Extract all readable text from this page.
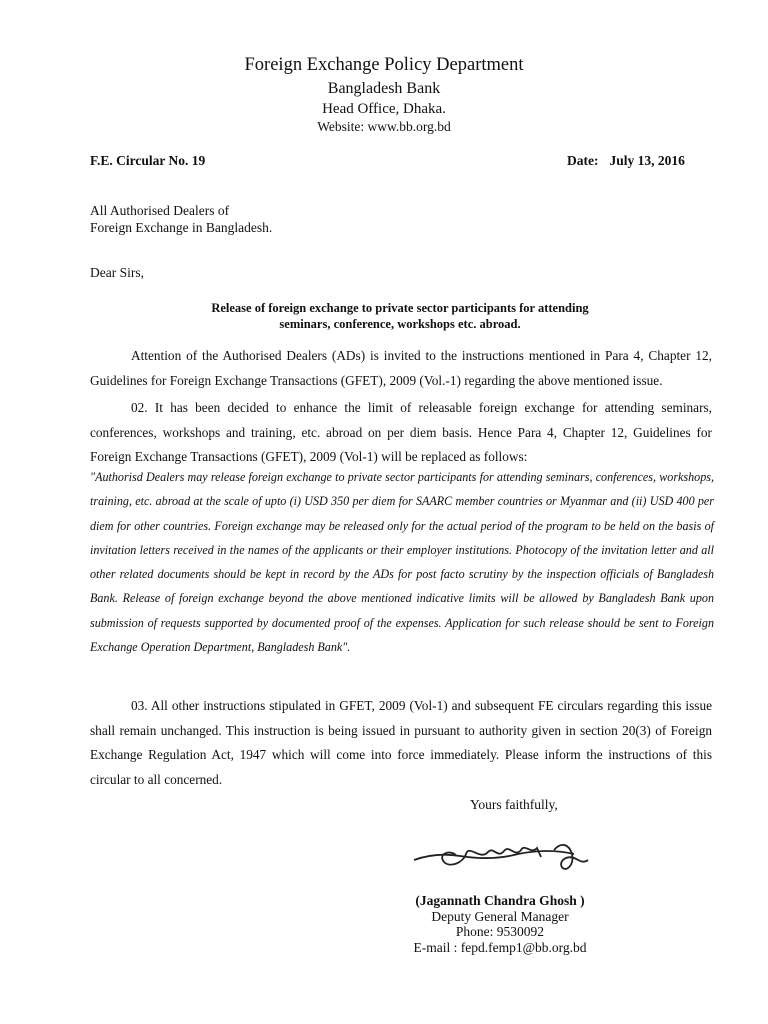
Foreign Exchange Policy Department
Bangladesh Bank
Head Office, Dhaka.
Website: www.bb.org.bd
F.E. Circular No. 19	Date: July 13, 2016
All Authorised Dealers of
Foreign Exchange in Bangladesh.
Dear Sirs,
Release of foreign exchange to private sector participants for attending
seminars, conference, workshops etc. abroad.

Attention of the Authorised Dealers (ADs) is invited to the instructions mentioned in Para 4, Chapter 12, Guidelines for Foreign Exchange Transactions (GFET), 2009 (Vol.-1) regarding the above mentioned issue.

02. It has been decided to enhance the limit of releasable foreign exchange for attending seminars, conferences, workshops and training, etc. abroad on per diem basis. Hence Para 4, Chapter 12, Guidelines for Foreign Exchange Transactions (GFET), 2009 (Vol-1) will be replaced as follows:

"Authorisd Dealers may release foreign exchange to private sector participants for attending seminars, conferences, workshops, training, etc. abroad at the scale of upto (i) USD 350 per diem for SAARC member countries or Myanmar and (ii) USD 400 per diem for other countries. Foreign exchange may be released only for the actual period of the program to be held on the basis of invitation letters received in the names of the applicants or their employer institutions. Photocopy of the invitation letter and all other related documents should be kept in record by the ADs for post facto scrutiny by the inspection officials of Bangladesh Bank. Release of foreign exchange beyond the above mentioned indicative limits will be allowed by Bangladesh Bank upon submission of requests supported by documented proof of the expenses. Application for such release should be sent to Foreign Exchange Operation Department, Bangladesh Bank".

03. All other instructions stipulated in GFET, 2009 (Vol-1) and subsequent FE circulars regarding this issue shall remain unchanged. This instruction is being issued in pursuant to authority given in section 20(3) of Foreign Exchange Regulation Act, 1947 which will come into force immediately. Please inform the instructions of this circular to all concerned.

Yours faithfully,
(Jagannath Chandra Ghosh )
Deputy General Manager
Phone: 9530092
E-mail : fepd.femp1@bb.org.bd
